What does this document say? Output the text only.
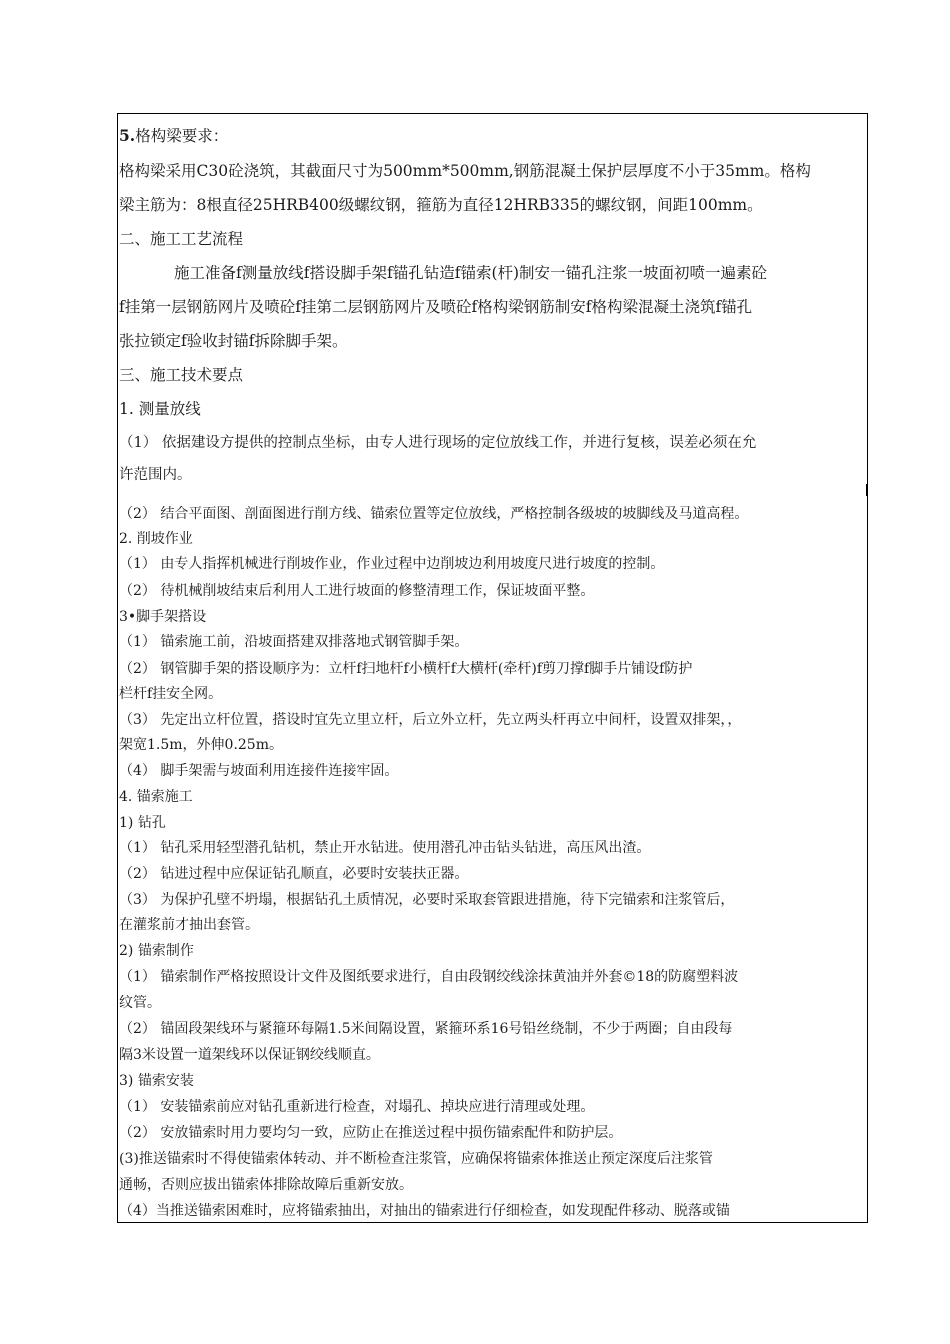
5.格构梁要求：
格构梁采用C30砼浇筑，其截面尺寸为500mm*500mm,钢筋混凝土保护层厚度不小于35mm。格构
梁主筋为：8根直径25HRB400级螺纹钢，箍筋为直径12HRB335的螺纹钢，间距100mm。
二、施工工艺流程
施工准备f测量放线f搭设脚手架f锚孔钻造f锚索(杆)制安一锚孔注浆一坡面初喷一遍素砼
f挂第一层钢筋网片及喷砼f挂第二层钢筋网片及喷砼f格构梁钢筋制安f格构梁混凝土浇筑f锚孔
张拉锁定f验收封锚f拆除脚手架。
三、施工技术要点
1. 测量放线
（1） 依据建设方提供的控制点坐标，由专人进行现场的定位放线工作，并进行复核，误差必须在允
许范围内。
（2） 结合平面图、剖面图进行削方线、锚索位置等定位放线，严格控制各级坡的坡脚线及马道高程。
2. 削坡作业
（1） 由专人指挥机械进行削坡作业，作业过程中边削坡边利用坡度尺进行坡度的控制。
（2） 待机械削坡结束后利用人工进行坡面的修整清理工作，保证坡面平整。
3•脚手架搭设
（1） 锚索施工前，沿坡面搭建双排落地式钢管脚手架。
（2） 钢管脚手架的搭设顺序为：立杆f扫地杆f小横杆f大横杆(牵杆)f剪刀撑f脚手片铺设f防护
栏杆f挂安全网。
（3） 先定出立杆位置，搭设时宜先立里立杆，后立外立杆，先立两头杆再立中间杆，设置双排架，，
架宽1.5m，外伸0.25m。
（4） 脚手架需与坡面利用连接件连接牢固。
4. 锚索施工
1) 钻孔
（1） 钻孔采用轻型潜孔钻机，禁止开水钻进。使用潜孔冲击钻头钻进，高压风出渣。
（2） 钻进过程中应保证钻孔顺直，必要时安装扶正器。
（3） 为保护孔壁不坍塌，根据钻孔土质情况，必要时采取套管跟进措施，待下完锚索和注浆管后，
在灌浆前才抽出套管。
2) 锚索制作
（1） 锚索制作严格按照设计文件及图纸要求进行，自由段钢绞线涂抹黄油并外套©18的防腐塑料波
纹管。
（2） 锚固段架线环与紧箍环每隔1.5米间隔设置，紧箍环系16号铅丝绕制，不少于两圈；自由段每
隔3米设置一道架线环以保证钢绞线顺直。
3) 锚索安装
（1） 安装锚索前应对钻孔重新进行检查，对塌孔、掉块应进行清理或处理。
（2） 安放锚索时用力要均匀一致，应防止在推送过程中损伤锚索配件和防护层。
(3)推送锚索时不得使锚索体转动、并不断检查注浆管，应确保将锚索体推送止预定深度后注浆管
通畅，否则应拔出锚索体排除故障后重新安放。
（4）当推送锚索困难时，应将锚索抽出，对抽出的锚索进行仔细检查，如发现配件移动、脱落或锚
